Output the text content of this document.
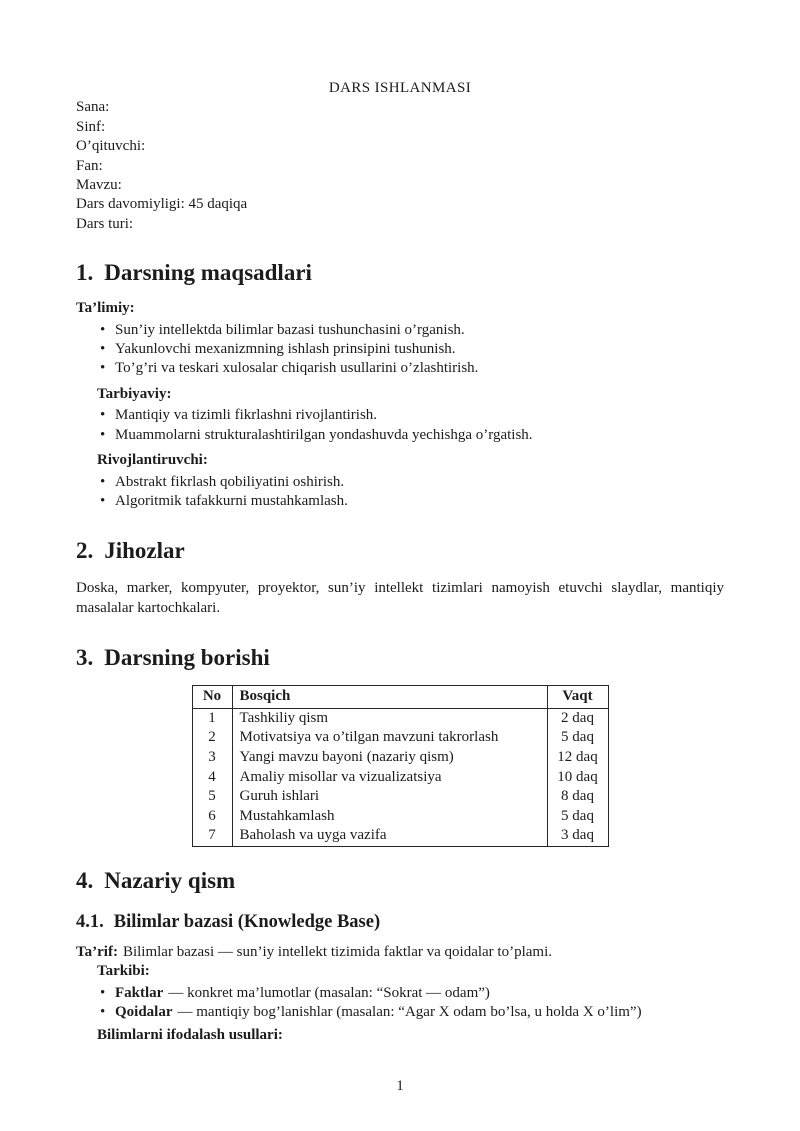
DARS ISHLANMASI
Sana:
Sinf:
O’qituvchi:
Fan:
Mavzu:
Dars davomiyligi: 45 daqiqa
Dars turi:
1. Darsning maqsadlari
Ta’limiy:
• Sun’iy intellektda bilimlar bazasi tushunchasini o’rganish.
• Yakunlovchi mexanizmning ishlash prinsipini tushunish.
• To’g’ri va teskari xulosalar chiqarish usullarini o’zlashtirish.
Tarbiyaviy:
• Mantiqiy va tizimli fikrlashni rivojlantirish.
• Muammolarni strukturalashtirilgan yondashuvda yechishga o’rgatish.
Rivojlantiruvchi:
• Abstrakt fikrlash qobiliyatini oshirish.
• Algoritmik tafakkurni mustahkamlash.
2. Jihozlar

Doska, marker, kompyuter, proyektor, sun’iy intellekt tizimlari namoyish etuvchi slaydlar, mantiqiy masalalar kartochkalari.

3. Darsning borishi
No	Bosqich	Vaqt
1	Tashkiliy qism	2 daq
2	Motivatsiya va o’tilgan mavzuni takrorlash	5 daq
3	Yangi mavzu bayoni (nazariy qism)	12 daq
4	Amaliy misollar va vizualizatsiya	10 daq
5	Guruh ishlari	8 daq
6	Mustahkamlash	5 daq
7	Baholash va uyga vazifa	3 daq
4. Nazariy qism
4.1. Bilimlar bazasi (Knowledge Base)
Ta’rif: Bilimlar bazasi — sun’iy intellekt tizimida faktlar va qoidalar to’plami.
Tarkibi:
• Faktlar — konkret ma’lumotlar (masalan: “Sokrat — odam”)
• Qoidalar — mantiqiy bog’lanishlar (masalan: “Agar X odam bo’lsa, u holda X o’lim”)
Bilimlarni ifodalash usullari:
1
